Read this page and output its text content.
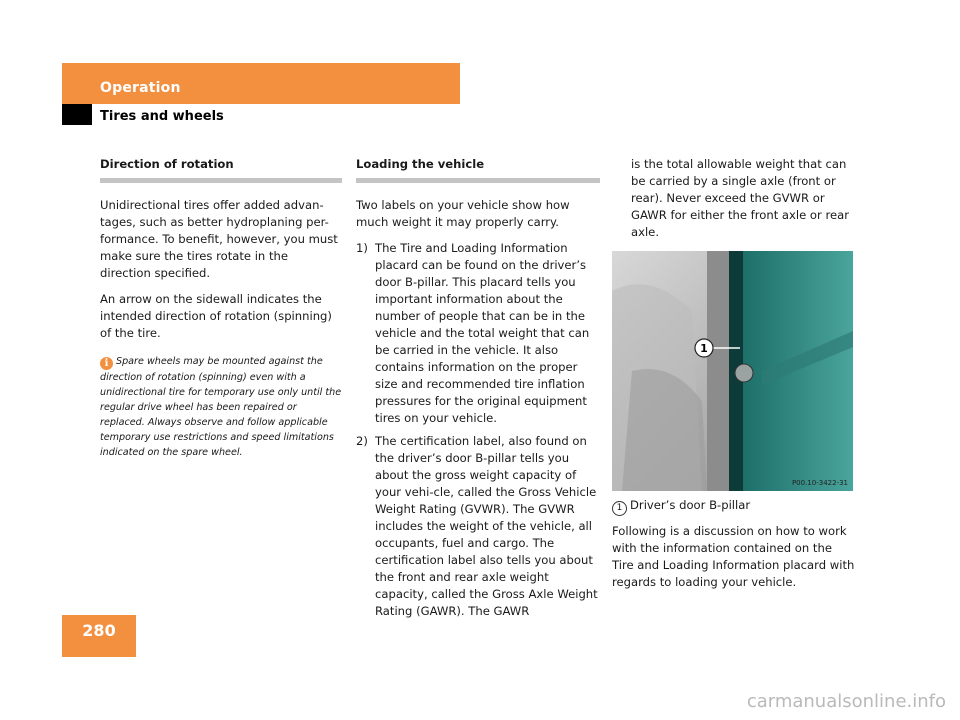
Operation
Tires and wheels
Direction of rotation

Unidirectional tires offer added advan-tages, such as better hydroplaning per-formance. To benefit, however, you must make sure the tires rotate in the direction specified.

An arrow on the sidewall indicates the intended direction of rotation (spinning) of the tire.

i Spare wheels may be mounted against the direction of rotation (spinning) even with a unidirectional tire for temporary use only until the regular drive wheel has been repaired or replaced. Always observe and follow applicable temporary use restrictions and speed limitations indicated on the spare wheel.
Loading the vehicle

Two labels on your vehicle show how much weight it may properly carry.

1) The Tire and Loading Information placard can be found on the driver’s door B-pillar. This placard tells you important information about the number of people that can be in the vehicle and the total weight that can be carried in the vehicle. It also contains information on the proper size and recommended tire inflation pressures for the original equipment tires on your vehicle.
2) The certification label, also found on the driver’s door B-pillar tells you about the gross weight capacity of your vehi-cle, called the Gross Vehicle Weight Rating (GVWR). The GVWR includes the weight of the vehicle, all occupants, fuel and cargo. The certification label also tells you about the front and rear axle weight capacity, called the Gross Axle Weight Rating (GAWR). The GAWR
is the total allowable weight that can be carried by a single axle (front or rear). Never exceed the GVWR or GAWR for either the front axle or rear axle.
1
P00.10-3422-31
1 Driver’s door B-pillar

Following is a discussion on how to work with the information contained on the Tire and Loading Information placard with regards to loading your vehicle.

280
carmanualsonline.info
